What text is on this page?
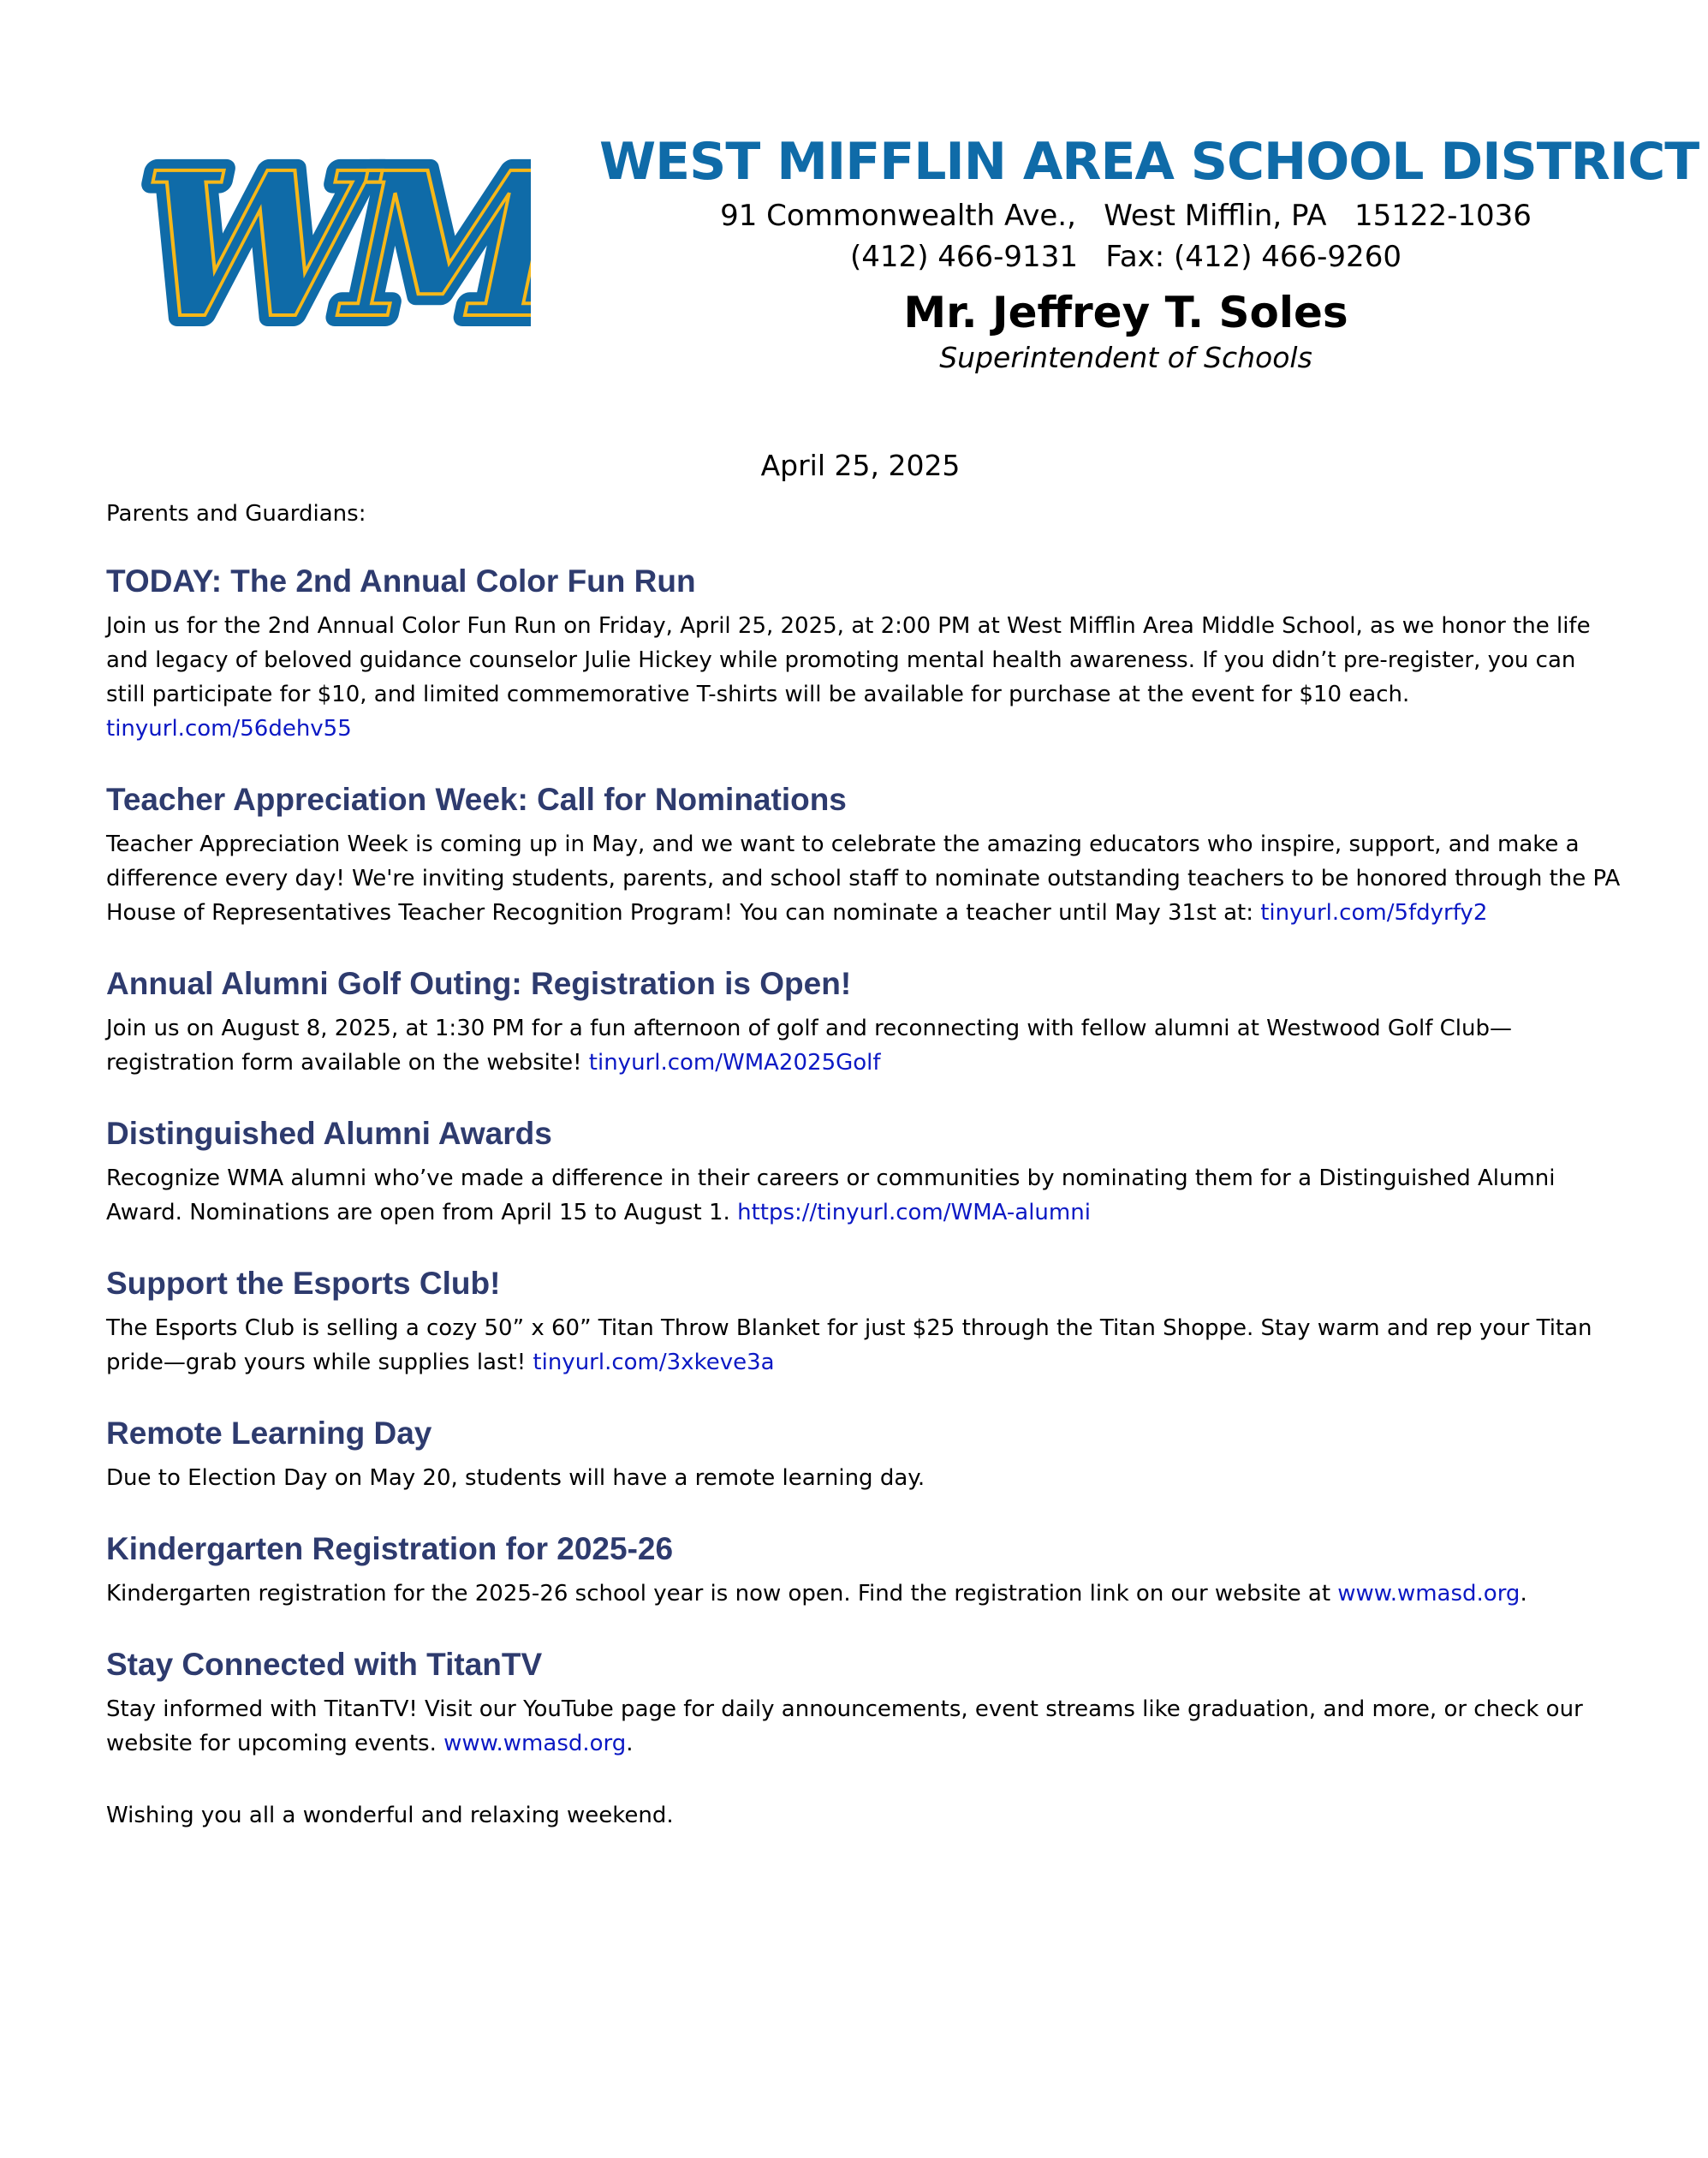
WM
WM WEST MIFFLIN AREA SCHOOL DISTRICT
91 Commonwealth Ave.,   West Mifflin, PA   15122-1036
(412) 466-9131   Fax: (412) 466-9260
Mr. Jeffrey T. Soles
Superintendent of Schools
April 25, 2025
Parents and Guardians:
TODAY: The 2nd Annual Color Fun Run

Join us for the 2nd Annual Color Fun Run on Friday, April 25, 2025, at 2:00 PM at West Mifflin Area Middle School, as we honor the life and legacy of beloved guidance counselor Julie Hickey while promoting mental health awareness. If you didn’t pre-register, you can still participate for $10, and limited commemorative T-shirts will be available for purchase at the event for $10 each. tinyurl.com/56dehv55

Teacher Appreciation Week: Call for Nominations

Teacher Appreciation Week is coming up in May, and we want to celebrate the amazing educators who inspire, support, and make a difference every day! We're inviting students, parents, and school staff to nominate outstanding teachers to be honored through the PA House of Representatives Teacher Recognition Program! You can nominate a teacher until May 31st at: tinyurl.com/5fdyrfy2

Annual Alumni Golf Outing: Registration is Open!

Join us on August 8, 2025, at 1:30 PM for a fun afternoon of golf and reconnecting with fellow alumni at Westwood Golf Club—registration form available on the website! tinyurl.com/WMA2025Golf

Distinguished Alumni Awards

Recognize WMA alumni who’ve made a difference in their careers or communities by nominating them for a Distinguished Alumni Award. Nominations are open from April 15 to August 1. https://tinyurl.com/WMA-alumni

Support the Esports Club!

The Esports Club is selling a cozy 50” x 60” Titan Throw Blanket for just $25 through the Titan Shoppe. Stay warm and rep your Titan pride—grab yours while supplies last! tinyurl.com/3xkeve3a

Remote Learning Day

Due to Election Day on May 20, students will have a remote learning day.

Kindergarten Registration for 2025-26

Kindergarten registration for the 2025-26 school year is now open. Find the registration link on our website at www.wmasd.org.

Stay Connected with TitanTV

Stay informed with TitanTV! Visit our YouTube page for daily announcements, event streams like graduation, and more, or check our website for upcoming events. www.wmasd.org.

Wishing you all a wonderful and relaxing weekend.
